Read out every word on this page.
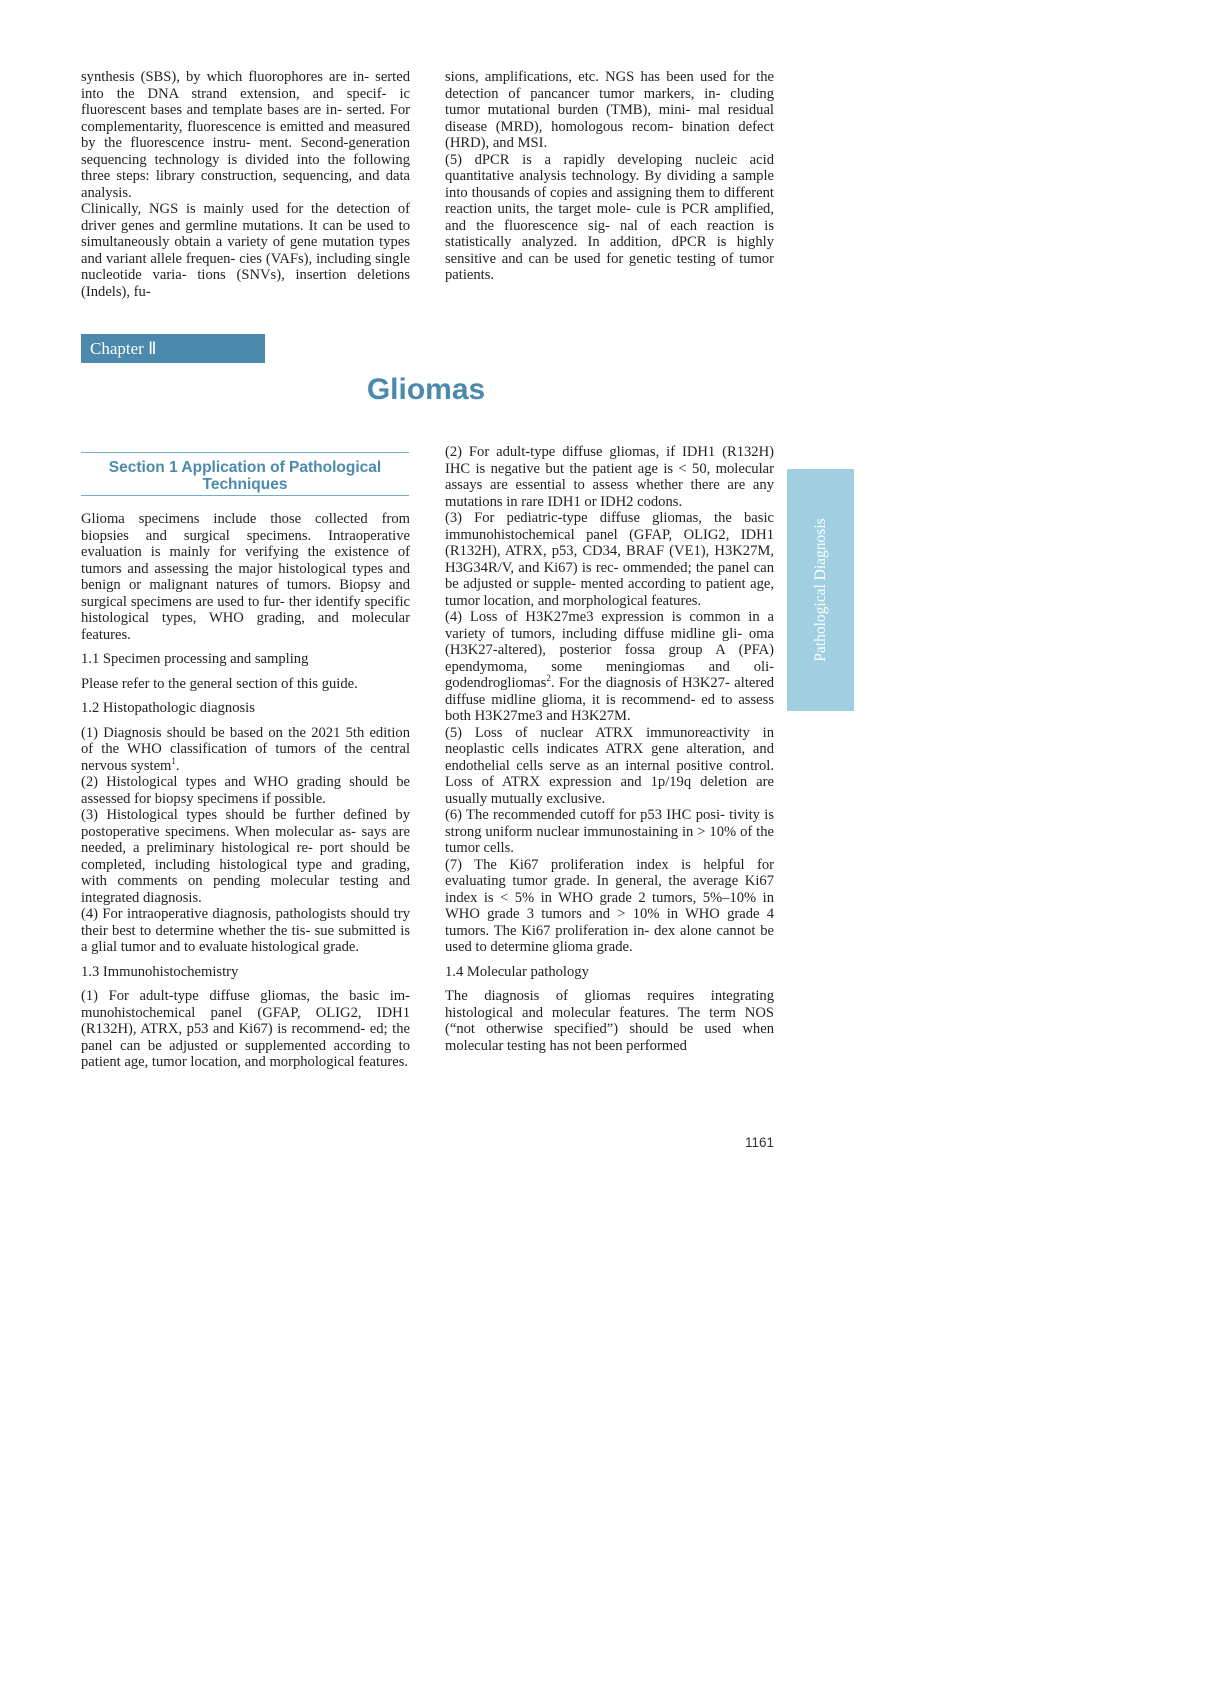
synthesis (SBS), by which fluorophores are in- serted into the DNA strand extension, and specif- ic fluorescent bases and template bases are in- serted. For complementarity, fluorescence is emitted and measured by the fluorescence instru- ment. Second-generation sequencing technology is divided into the following three steps: library construction, sequencing, and data analysis.

Clinically, NGS is mainly used for the detection of driver genes and germline mutations. It can be used to simultaneously obtain a variety of gene mutation types and variant allele frequen- cies (VAFs), including single nucleotide varia- tions (SNVs), insertion deletions (Indels), fu-

sions, amplifications, etc. NGS has been used for the detection of pancancer tumor markers, in- cluding tumor mutational burden (TMB), mini- mal residual disease (MRD), homologous recom- bination defect (HRD), and MSI.

(5) dPCR is a rapidly developing nucleic acid quantitative analysis technology. By dividing a sample into thousands of copies and assigning them to different reaction units, the target mole- cule is PCR amplified, and the fluorescence sig- nal of each reaction is statistically analyzed. In addition, dPCR is highly sensitive and can be used for genetic testing of tumor patients.

Chapter Ⅱ
Gliomas
Section 1 Application of Pathological Techniques

Glioma specimens include those collected from biopsies and surgical specimens. Intraoperative evaluation is mainly for verifying the existence of tumors and assessing the major histological types and benign or malignant natures of tumors. Biopsy and surgical specimens are used to fur- ther identify specific histological types, WHO grading, and molecular features.

1.1 Specimen processing and sampling

Please refer to the general section of this guide.

1.2 Histopathologic diagnosis

(1) Diagnosis should be based on the 2021 5th edition of the WHO classification of tumors of the central nervous system$^1$.

(2) Histological types and WHO grading should be assessed for biopsy specimens if possible.

(3) Histological types should be further defined by postoperative specimens. When molecular as- says are needed, a preliminary histological re- port should be completed, including histological type and grading, with comments on pending molecular testing and integrated diagnosis.

(4) For intraoperative diagnosis, pathologists should try their best to determine whether the tis- sue submitted is a glial tumor and to evaluate histological grade.

1.3 Immunohistochemistry

(1) For adult-type diffuse gliomas, the basic im- munohistochemical panel (GFAP, OLIG2, IDH1 (R132H), ATRX, p53 and Ki67) is recommend- ed; the panel can be adjusted or supplemented according to patient age, tumor location, and morphological features.

(2) For adult-type diffuse gliomas, if IDH1 (R132H) IHC is negative but the patient age is < 50, molecular assays are essential to assess whether there are any mutations in rare IDH1 or IDH2 codons.

(3) For pediatric-type diffuse gliomas, the basic immunohistochemical panel (GFAP, OLIG2, IDH1 (R132H), ATRX, p53, CD34, BRAF (VE1), H3K27M, H3G34R/V, and Ki67) is rec- ommended; the panel can be adjusted or supple- mented according to patient age, tumor location, and morphological features.

(4) Loss of H3K27me3 expression is common in a variety of tumors, including diffuse midline gli- oma (H3K27-altered), posterior fossa group A (PFA) ependymoma, some meningiomas and oli- godendrogliomas$^2$. For the diagnosis of H3K27- altered diffuse midline glioma, it is recommend- ed to assess both H3K27me3 and H3K27M.

(5) Loss of nuclear ATRX immunoreactivity in neoplastic cells indicates ATRX gene alteration, and endothelial cells serve as an internal positive control. Loss of ATRX expression and 1p/19q deletion are usually mutually exclusive.

(6) The recommended cutoff for p53 IHC posi- tivity is strong uniform nuclear immunostaining in > 10% of the tumor cells.

(7) The Ki67 proliferation index is helpful for evaluating tumor grade. In general, the average Ki67 index is < 5% in WHO grade 2 tumors, 5%–10% in WHO grade 3 tumors and > 10% in WHO grade 4 tumors. The Ki67 proliferation in- dex alone cannot be used to determine glioma grade.

1.4 Molecular pathology

The diagnosis of gliomas requires integrating histological and molecular features. The term NOS (“not otherwise specified”) should be used when molecular testing has not been performed

Pathological Diagnosis
1161
